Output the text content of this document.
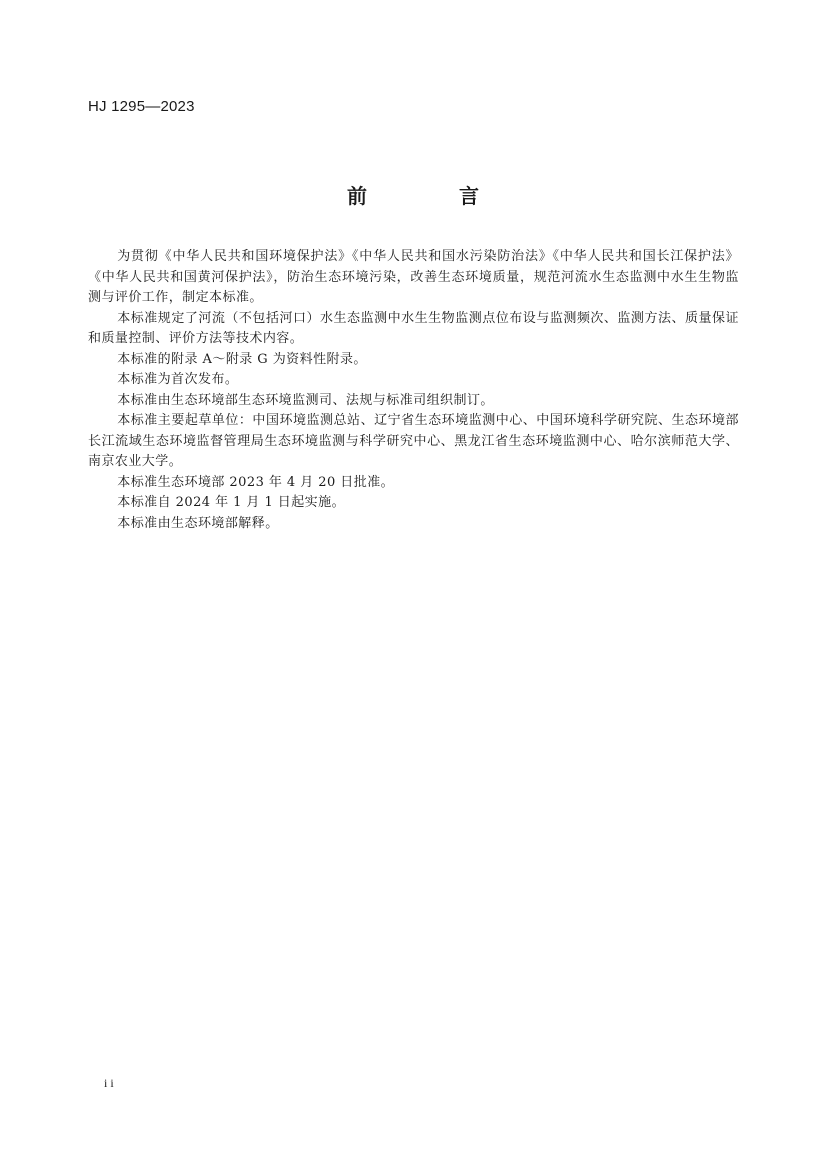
HJ 1295—2023
前　言

为贯彻《中华人民共和国环境保护法》《中华人民共和国水污染防治法》《中华人民共和国长江保护法》《中华人民共和国黄河保护法》，防治生态环境污染，改善生态环境质量，规范河流水生态监测中水生生物监测与评价工作，制定本标准。

本标准规定了河流（不包括河口）水生态监测中水生生物监测点位布设与监测频次、监测方法、质量保证和质量控制、评价方法等技术内容。

本标准的附录 A～附录 G 为资料性附录。

本标准为首次发布。

本标准由生态环境部生态环境监测司、法规与标准司组织制订。

本标准主要起草单位：中国环境监测总站、辽宁省生态环境监测中心、中国环境科学研究院、生态环境部长江流域生态环境监督管理局生态环境监测与科学研究中心、黑龙江省生态环境监测中心、哈尔滨师范大学、南京农业大学。

本标准生态环境部 2023 年 4 月 20 日批准。

本标准自 2024 年 1 月 1 日起实施。

本标准由生态环境部解释。

ii
